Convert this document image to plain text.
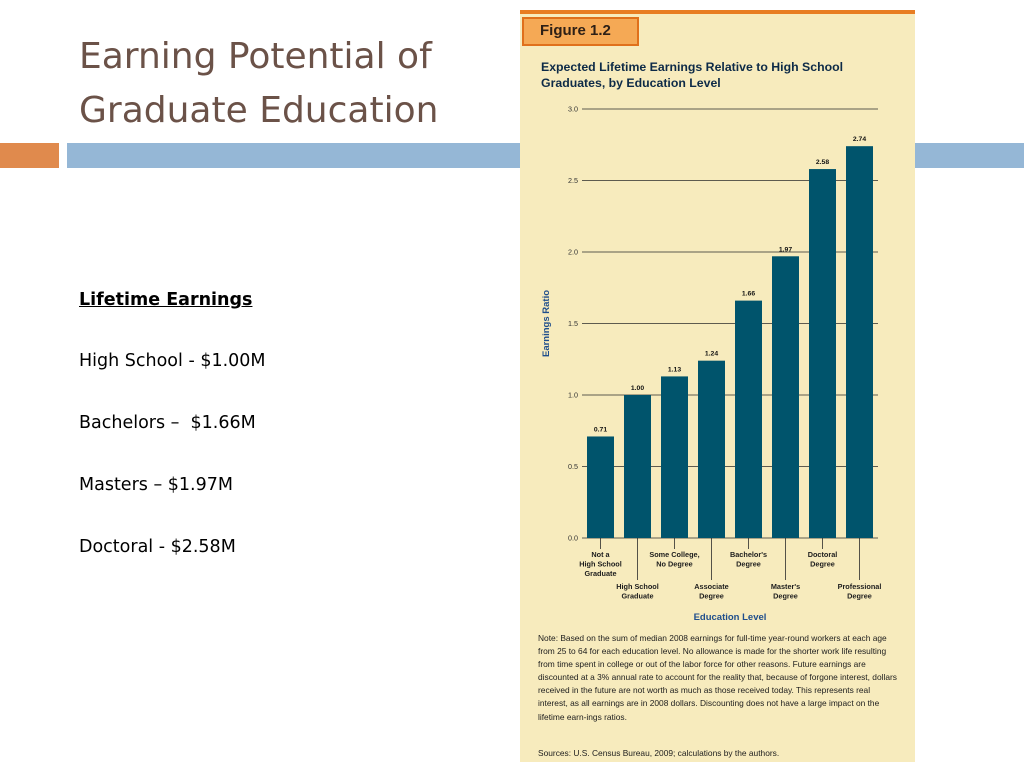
Earning Potential of Graduate Education
Lifetime Earnings
High School - $1.00M
Bachelors –  $1.66M
Masters – $1.97M
Doctoral - $2.58M
Figure 1.2
Expected Lifetime Earnings Relative to High School Graduates, by Education Level
0.0
0.5
1.0
1.5
2.0
2.5
3.0
Earnings Ratio
0.71
Not a
High School
Graduate
1.00
High School
Graduate
1.13
Some College,
No Degree
1.24
Associate
Degree
1.66
Bachelor's
Degree
1.97
Master's
Degree
2.58
Doctoral
Degree
2.74
Professional
Degree
Education Level
Note: Based on the sum of median 2008 earnings for full-time year-round workers at each age from 25 to 64 for each education level. No allowance is made for the shorter work life resulting from time spent in college or out of the labor force for other reasons. Future earnings are discounted at a 3% annual rate to account for the reality that, because of forgone interest, dollars received in the future are not worth as much as those received today. This represents real interest, as all earnings are in 2008 dollars. Discounting does not have a large impact on the lifetime earn-ings ratios.
Sources: U.S. Census Bureau, 2009; calculations by the authors.
